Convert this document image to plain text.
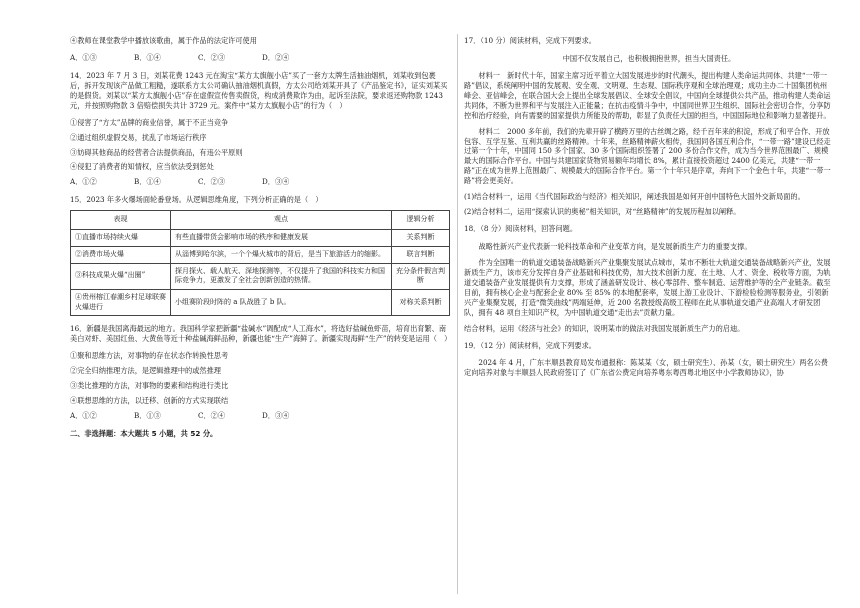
④教师在课堂教学中播放该歌曲，属于作品的法定许可使用

A．①③	B．①④	C．②③	D．②④

14．2023 年 7 月 3 日，刘某花费 1243 元在淘宝“某方太旗舰小店”买了一套方太牌生活抽油烟机，刘某收到包裹后，拆开发现该产品做工粗糙，遂联系方太公司确认抽油烟机真假，方太公司给刘某开具了《产品鉴定书》，证实刘某买的是假货。刘某以“某方太旗舰小店”存在虚假宣传售卖假货，构成消费欺诈为由，起诉至法院，要求返还购物款 1243 元，并按照购物款 3 倍赔偿损失共计 3729 元。案件中“某方太旗舰小店”的行为（　）

①侵害了“方太”品牌的商业信誉，属于不正当竞争

②通过组织虚假交易，扰乱了市场运行秩序

③妨碍其他商品的经营者合法提供商品，有违公平原则

④侵犯了消费者的知情权，应当依法受到惩处

A．①②	B．①④	C．②③	D．③④

15．2023 年多火爆场面轮番登场。从逻辑思维角度，下列分析正确的是（　）

表现	观点	逻辑分析
①直播市场持续火爆	有些直播带货会影响市场的秩序和健康发展	关系判断
②消费市场火爆	从淄博到哈尔滨，一个个爆火城市的背后，是当下旅游活力的缩影。	联言判断
③科技成果火爆“出圈”	探月探火、载人航天、深地探测等，不仅提升了我国的科技实力和国际竞争力，更激发了全社会创新创造的热情。	充分条件假言判断
④贵州榕江春潮乡村足球联赛火爆进行	小组赛阶段时阵的 a 队战胜了 b 队。	对称关系判断

16．新疆是我国离海最远的地方。我国科学家把新疆“盐碱水”调配成“人工海水”，将选好盐碱鱼虾苗，培育出育繁、南美白对虾、美国红鱼、大黄鱼等近十种盐碱海鲜品种，新疆也能“生产”海鲜了。新疆实现海鲜“生产”的转变是运用（　）

①聚和思维方法，对事物的存在状态作转换性思考

②完全归纳推理方法，是逻辑推理中的或然推理

③类比推理的方法，对事物的要素和结构进行类比

④联想思维的方法，以迁移、创新的方式实现联结

A．①②	B．①③	C．②④	D．③④

二、非选择题：本大题共 5 小题，共 52 分。

17．（10 分）阅读材料，完成下列要求。

中国不仅发展自己，也积极拥抱世界，担当大国责任。

材料一　新时代十年，国家主席习近平着立大国发展进步的时代潮头，提出构建人类命运共同体、共建“一带一路”倡议，系统阐明中国的发展观、安全观、文明观、生态观、国际秩序观和全球治理观；成功主办二十国集团杭州峰会、亚信峰会，在联合国大会上提出全球发展倡议、全球安全倡议，中国向全球提供公共产品，推动构建人类命运共同体，不断为世界和平与发展注入正能量；在抗击疫情斗争中，中国同世界卫生组织、国际社会密切合作，分享防控和治疗经验，向有需要的国家提供力所能及的帮助，彰显了负责任大国的担当，中国国际地位和影响力显著提升。

材料二　2000 多年前，我们的先辈开辟了横跨万里的古丝绸之路，经千百年来的积淀，形成了和平合作、开放包容、互学互鉴、互利共赢的丝路精神。十年来，丝路精神薪火相传，我国同各国互利合作，“一带一路”建设已经走过第一个十年，中国同 150 多个国家、30 多个国际组织签署了 200 多份合作文件，成为当今世界范围最广、规模最大的国际合作平台。中国与共建国家货物贸易额年均增长 8%，累计直接投资超过 2400 亿美元，共建“一带一路”正在成为世界上范围最广、规模最大的国际合作平台。第一个十年只是序章，奔向下一个金色十年，共建“一带一路”将会更美好。

(1)结合材料一，运用《当代国际政治与经济》相关知识，阐述我国是如何开创中国特色大国外交新局面的。

(2)结合材料二，运用“探索认识的奥秘”相关知识，对“丝路精神”的发展历程加以阐释。

18．（8 分）阅读材料，回答问题。

战略性新兴产业代表新一轮科技革命和产业变革方向，是发展新质生产力的重要支撑。

作为全国唯一的轨道交通装备战略新兴产业集聚发展试点城市，某市不断壮大轨道交通装备战略新兴产业，发展新质生产力，该市充分发挥自身产业基础和科技优势，加大技术创新力度、在土地、人才、资金、税收等方面，为轨道交通装备产业发展提供有力支撑，形成了涵盖研发设计、核心零部件、整车制造、运营维护等的全产业链条。截至目前，拥有核心企业与配套企业 80% 至 85% 的本地配套率，发展上游工业设计、下游检验检测等服务业，引领新兴产业集聚发展，打造“微笑曲线”两端延伸，近 200 名教授级高级工程师在此从事轨道交通产业高端人才研发团队，拥有 48 项自主知识产权，为中国轨道交通“走出去”贡献力量。

结合材料，运用《经济与社会》的知识，说明某市的做法对我国发展新质生产力的启迪。

19．（12 分）阅读材料，完成下列要求。

2024 年 4 月，广东丰顺县教育局发布通报称：陈某某（女，硕士研究生）、孙某（女，硕士研究生）两名公费定向培养对象与丰顺县人民政府签订了《广东省公费定向培养粤东粤西粤北地区中小学教师协议》，协
